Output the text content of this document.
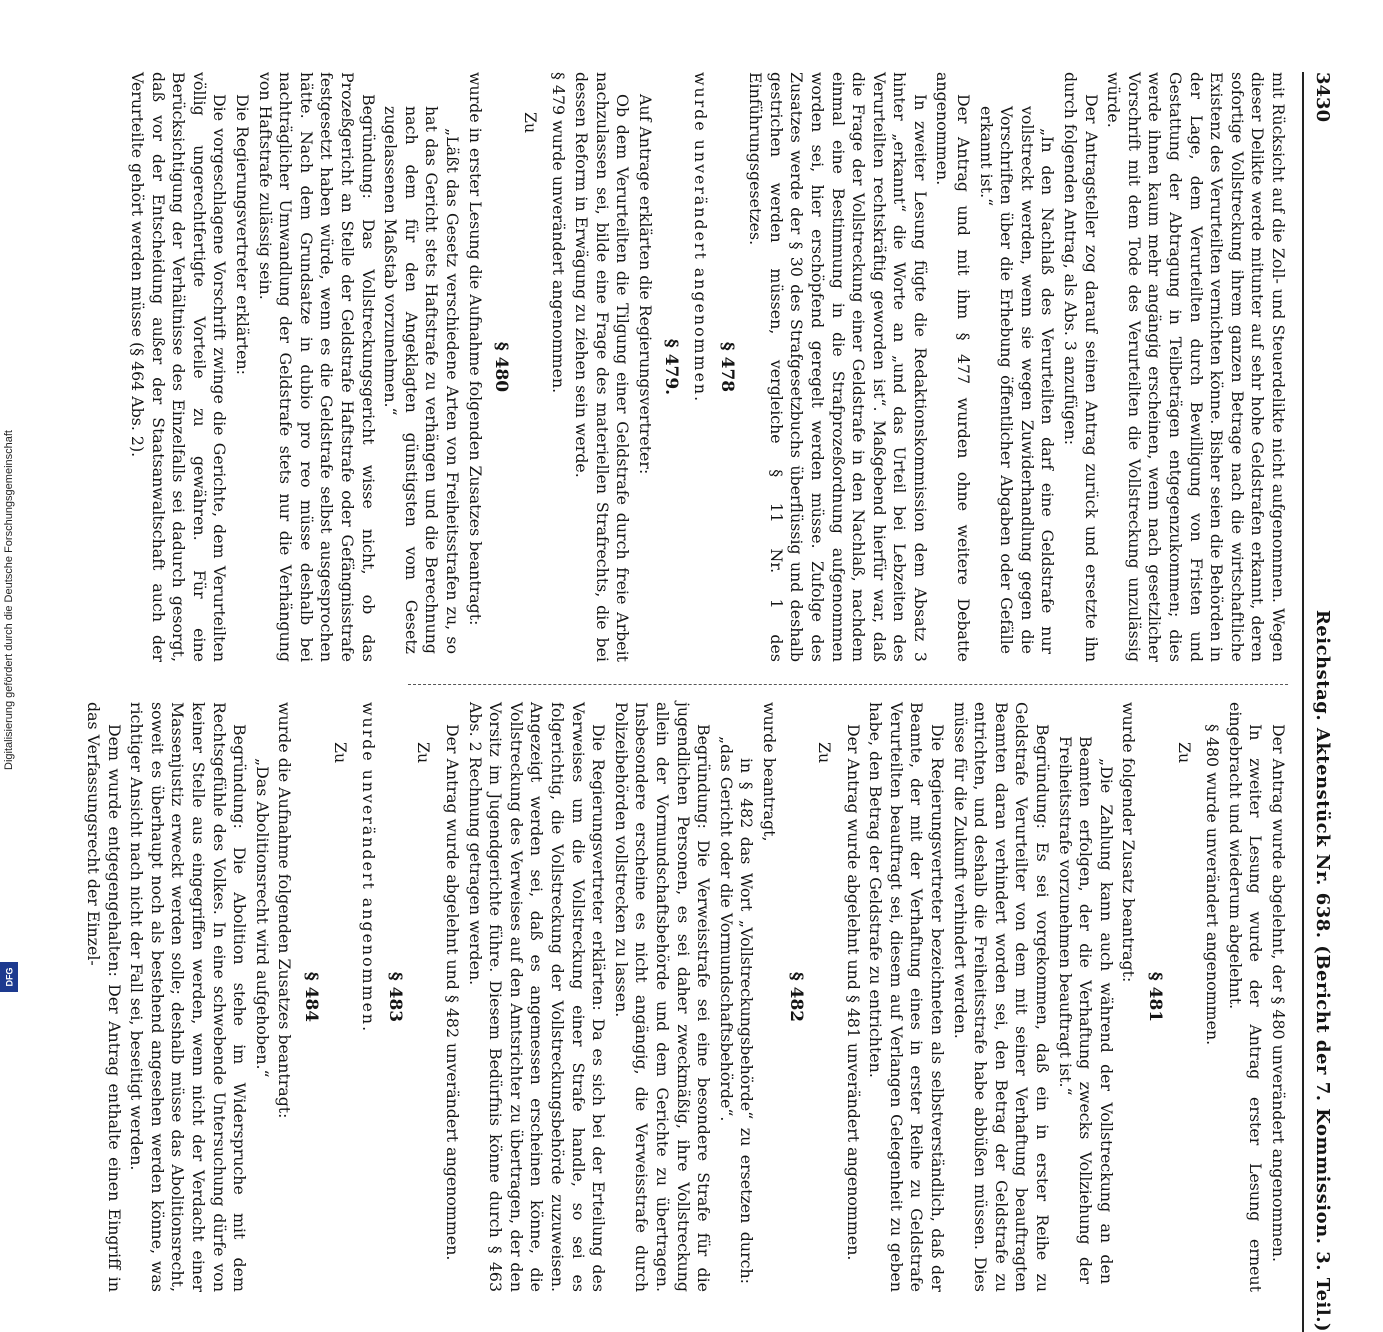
Digitalisierung gefördert durch die Deutsche Forschungsgemeinschaft
DFG
3430
Reichstag. Aktenstück Nr. 638. (Bericht der 7. Kommission. 3. Teil.)

mit Rücksicht auf die Zoll- und Steuerdelikte nicht aufgenommen. Wegen dieser Delikte werde mitunter auf sehr hohe Geldstrafen erkannt, deren sofortige Vollstreckung ihrem ganzen Betrage nach die wirtschaftliche Existenz des Verurteilten vernichten könne. Bisher seien die Behörden in der Lage, dem Verurteilten durch Bewilligung von Fristen und Gestattung der Abtragung in Teilbeträgen entgegenzukommen; dies werde ihnen kaum mehr angängig erscheinen, wenn nach gesetzlicher Vorschrift mit dem Tode des Verurteilten die Vollstreckung unzulässig würde.

Der Antragsteller zog darauf seinen Antrag zurück und ersetzte ihn durch folgenden Antrag, als Abs. 3 anzufügen:

„In den Nachlaß des Verurteilten darf eine Geldstrafe nur vollstreckt werden, wenn sie wegen Zuwiderhandlung gegen die Vorschriften über die Erhebung öffentlicher Abgaben oder Gefälle erkannt ist.“

Der Antrag und mit ihm § 477 wurden ohne weitere Debatte angenommen.

In zweiter Lesung fügte die Redaktionskommission dem Absatz 3 hinter „erkannt“ die Worte an „und das Urteil bei Lebzeiten des Verurteilten rechtskräftig geworden ist“. Maßgebend hierfür war, daß die Frage der Vollstreckung einer Geldstrafe in den Nachlaß, nachdem einmal eine Bestimmung in die Strafprozeßordnung aufgenommen worden sei, hier erschöpfend geregelt werden müsse. Zufolge des Zusatzes werde der § 30 des Strafgesetzbuchs überflüssig und deshalb gestrichen werden müssen, vergleiche § 11 Nr. 1 des Einführungsgesetzes.

§ 478

wurde unverändert angenommen.

§ 479.

Auf Antrage erklärten die Regierungsvertreter:

Ob dem Verurteilten die Tilgung einer Geldstrafe durch freie Arbeit nachzulassen sei, bilde eine Frage des materiellen Strafrechts, die bei dessen Reform in Erwägung zu ziehen sein werde.

§ 479 wurde unverändert angenommen.

Zu
§ 480

wurde in erster Lesung die Aufnahme folgenden Zusatzes beantragt:

„Läßt das Gesetz verschiedene Arten von Freiheitsstrafen zu, so hat das Gericht stets Haftstrafe zu verhängen und die Berechnung nach dem für den Angeklagten günstigsten vom Gesetz zugelassenen Maßstab vorzunehmen.“

Begründung: Das Vollstreckungsgericht wisse nicht, ob das Prozeßgericht an Stelle der Geldstrafe Haftstrafe oder Gefängnisstrafe festgesetzt haben würde, wenn es die Geldstrafe selbst ausgesprochen hätte. Nach dem Grundsatze in dubio pro reo müsse deshalb bei nachträglicher Umwandlung der Geldstrafe stets nur die Verhängung von Haftstrafe zulässig sein.

Die Regierungsvertreter erklärten:

Die vorgeschlagene Vorschrift zwinge die Gerichte, dem Verurteilten völlig ungerechtfertigte Vorteile zu gewähren. Für eine Berücksichtigung der Verhältnisse des Einzelfalls sei dadurch gesorgt, daß vor der Entscheidung außer der Staatsanwaltschaft auch der Verurteilte gehört werden müsse (§ 464 Abs. 2).

Der Antrag wurde abgelehnt, der § 480 unverändert angenommen.

In zweiter Lesung wurde der Antrag erster Lesung erneut eingebracht und wiederum abgelehnt.

§ 480 wurde unverändert angenommen.

Zu
§ 481

wurde folgender Zusatz beantragt:

„Die Zahlung kann auch während der Vollstreckung an den Beamten erfolgen, der die Verhaftung zwecks Vollziehung der Freiheitsstrafe vorzunehmen beauftragt ist.“

Begründung: Es sei vorgekommen, daß ein in erster Reihe zu Geldstrafe Verurteilter von dem mit seiner Verhaftung beauftragten Beamten daran verhindert worden sei, den Betrag der Geldstrafe zu entrichten, und deshalb die Freiheitsstrafe habe abbüßen müssen. Dies müsse für die Zukunft verhindert werden.

Die Regierungsvertreter bezeichneten als selbstverständlich, daß der Beamte, der mit der Verhaftung eines in erster Reihe zu Geldstrafe Verurteilten beauftragt sei, diesem auf Verlangen Gelegenheit zu geben habe, den Betrag der Geldstrafe zu entrichten.

Der Antrag wurde abgelehnt und § 481 unverändert angenommen.

Zu
§ 482

wurde beantragt,

in § 482 das Wort „Vollstreckungsbehörde“ zu ersetzen durch: „das Gericht oder die Vormundschaftsbehörde“.

Begründung: Die Verweisstrafe sei eine besondere Strafe für die jugendlichen Personen, es sei daher zweckmäßig, ihre Vollstreckung allein der Vormundschaftsbehörde und dem Gerichte zu übertragen. Insbesondere erscheine es nicht angängig, die Verweisstrafe durch Polizeibehörden vollstrecken zu lassen.

Die Regierungsvertreter erklärten: Da es sich bei der Erteilung des Verweises um die Vollstreckung einer Strafe handle, so sei es folgerichtig, die Vollstreckung der Vollstreckungsbehörde zuzuweisen. Angezeigt werden sei, daß es angemessen erscheinen könne, die Vollstreckung des Verweises auf den Amtsrichter zu übertragen, der den Vorsitz im Jugendgerichte führe. Diesem Bedürfnis könne durch § 463 Abs. 2 Rechnung getragen werden.

Der Antrag wurde abgelehnt und § 482 unverändert angenommen.

Zu
§ 483

wurde unverändert angenommen.

Zu
§ 484

wurde die Aufnahme folgenden Zusatzes beantragt:

„Das Abolitionsrecht wird aufgehoben.“

Begründung: Die Abolition stehe im Widerspruche mit dem Rechtsgefühle des Volkes. In eine schwebende Untersuchung dürfe von keiner Stelle aus eingegriffen werden, wenn nicht der Verdacht einer Massenjustiz erweckt werden solle; deshalb müsse das Abolitionsrecht, soweit es überhaupt noch als bestehend angesehen werden könne, was richtiger Ansicht nach nicht der Fall sei, beseitigt werden.

Dem wurde entgegengehalten: Der Antrag enthalte einen Eingriff in das Verfassungsrecht der Einzel-
